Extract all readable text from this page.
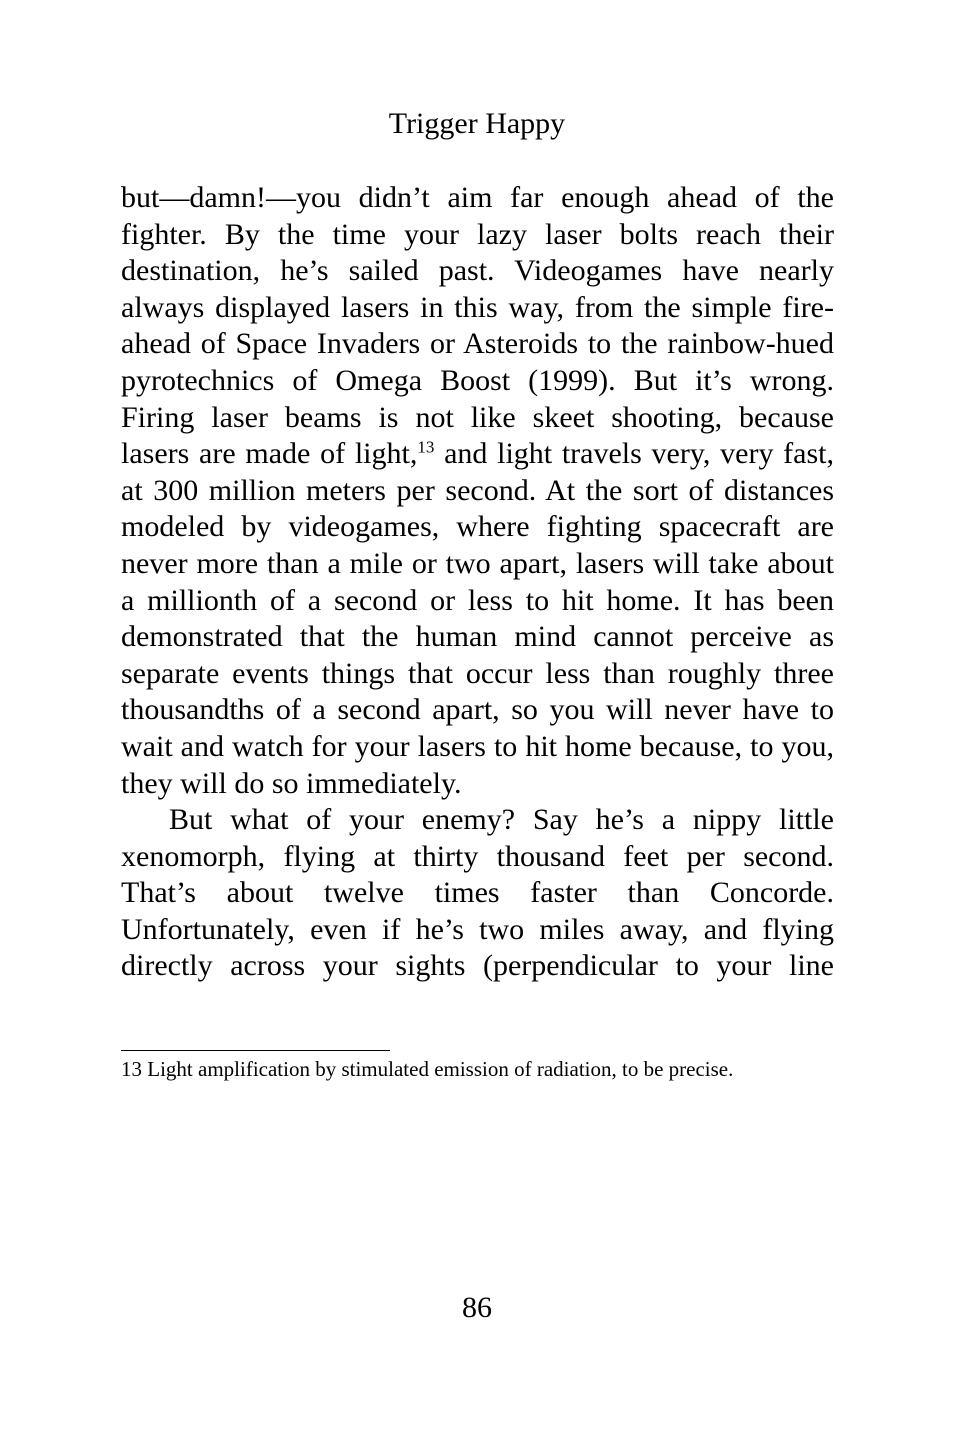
Trigger Happy

but—damn!—you didn’t aim far enough ahead of the fighter. By the time your lazy laser bolts reach their destination, he’s sailed past. Videogames have nearly always displayed lasers in this way, from the simple fire-ahead of Space Invaders or Asteroids to the rainbow-hued pyrotechnics of Omega Boost (1999). But it’s wrong. Firing laser beams is not like skeet shooting, because lasers are made of light,$^{13}$ and light travels very, very fast, at 300 million meters per second. At the sort of distances modeled by videogames, where fighting spacecraft are never more than a mile or two apart, lasers will take about a millionth of a second or less to hit home. It has been demonstrated that the human mind cannot perceive as separate events things that occur less than roughly three thousandths of a second apart, so you will never have to wait and watch for your lasers to hit home because, to you, they will do so immediately.

But what of your enemy? Say he’s a nippy little xenomorph, flying at thirty thousand feet per second. That’s about twelve times faster than Concorde. Unfortunately, even if he’s two miles away, and flying directly across your sights (perpendicular to your line

13 Light amplification by stimulated emission of radiation, to be precise.
86
